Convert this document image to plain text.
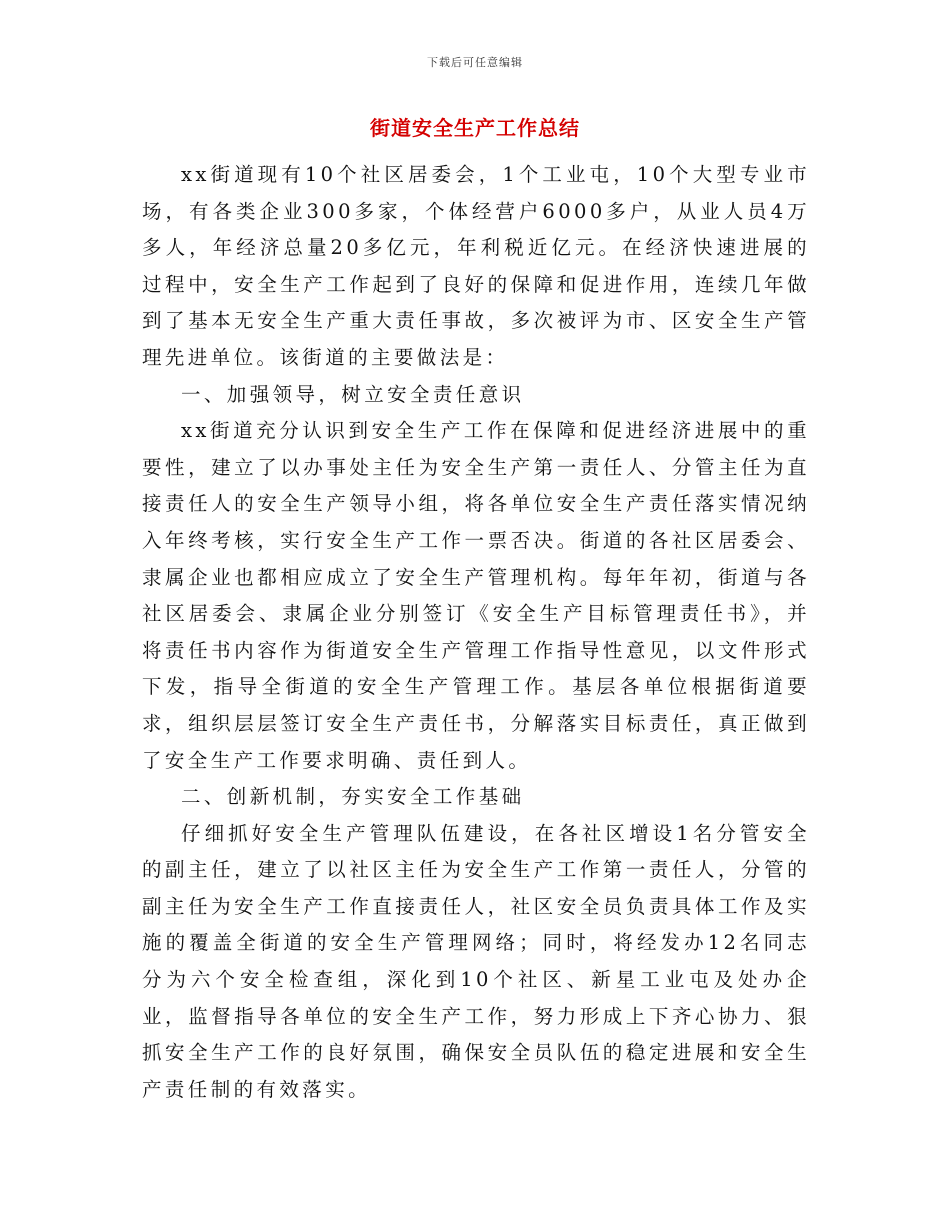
下载后可任意编辑
街道安全生产工作总结

xx街道现有10个社区居委会，1个工业屯，10个大型专业市场，有各类企业300多家，个体经营户6000多户，从业人员4万多人，年经济总量20多亿元，年利税近亿元。在经济快速进展的过程中，安全生产工作起到了良好的保障和促进作用，连续几年做到了基本无安全生产重大责任事故，多次被评为市、区安全生产管理先进单位。该街道的主要做法是：

一、加强领导，树立安全责任意识

xx街道充分认识到安全生产工作在保障和促进经济进展中的重要性，建立了以办事处主任为安全生产第一责任人、分管主任为直接责任人的安全生产领导小组，将各单位安全生产责任落实情况纳入年终考核，实行安全生产工作一票否决。街道的各社区居委会、隶属企业也都相应成立了安全生产管理机构。每年年初，街道与各社区居委会、隶属企业分别签订《安全生产目标管理责任书》，并将责任书内容作为街道安全生产管理工作指导性意见，以文件形式下发，指导全街道的安全生产管理工作。基层各单位根据街道要求，组织层层签订安全生产责任书，分解落实目标责任，真正做到了安全生产工作要求明确、责任到人。

二、创新机制，夯实安全工作基础

仔细抓好安全生产管理队伍建设，在各社区增设1名分管安全的副主任，建立了以社区主任为安全生产工作第一责任人，分管的副主任为安全生产工作直接责任人，社区安全员负责具体工作及实施的覆盖全街道的安全生产管理网络；同时，将经发办12名同志分为六个安全检查组，深化到10个社区、新星工业屯及处办企业，监督指导各单位的安全生产工作，努力形成上下齐心协力、狠抓安全生产工作的良好氛围，确保安全员队伍的稳定进展和安全生产责任制的有效落实。
